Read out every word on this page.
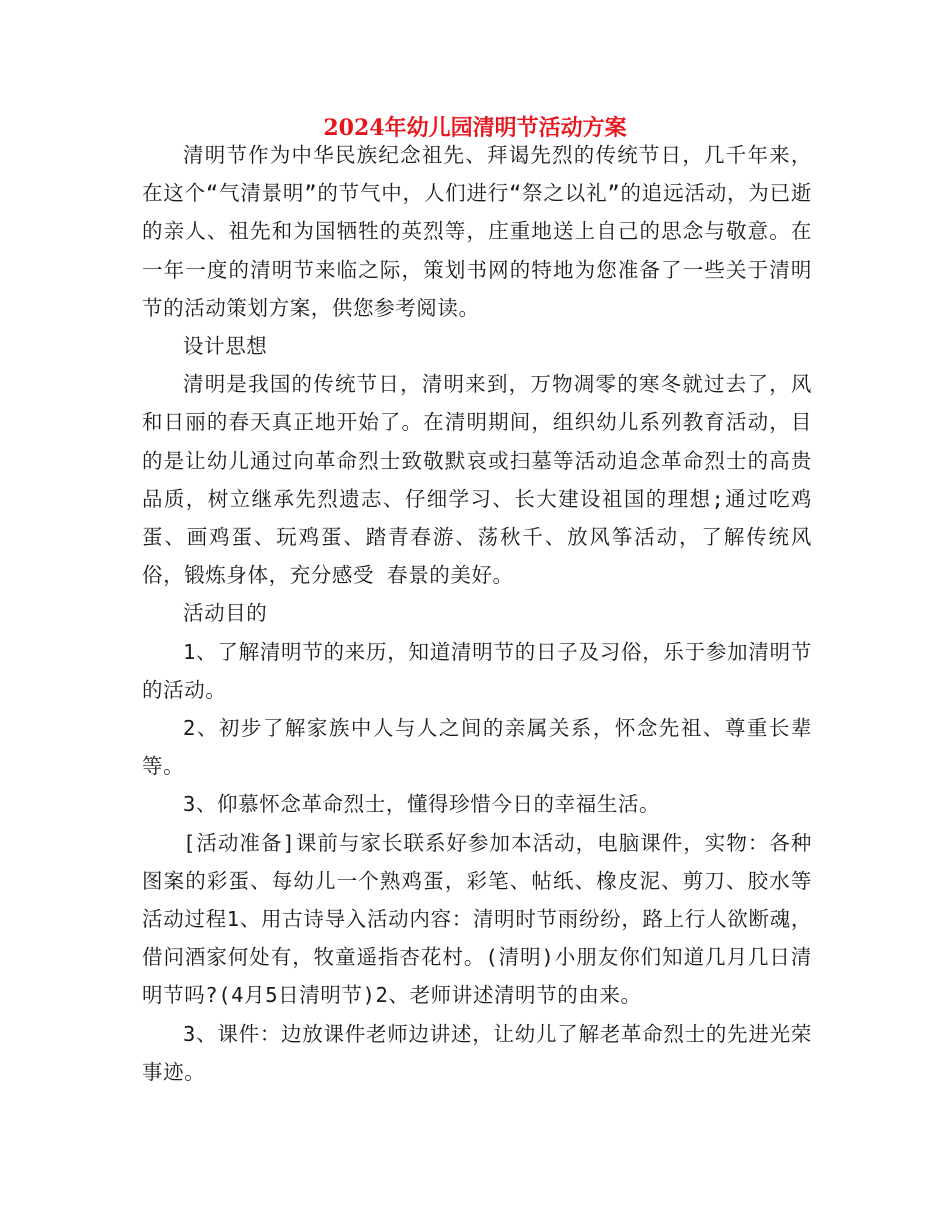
2024年幼儿园清明节活动方案

清明节作为中华民族纪念祖先、拜谒先烈的传统节日，几千年来，在这个“气清景明”的节气中，人们进行“祭之以礼”的追远活动，为已逝的亲人、祖先和为国牺牲的英烈等，庄重地送上自己的思念与敬意。在一年一度的清明节来临之际，策划书网的特地为您准备了一些关于清明节的活动策划方案，供您参考阅读。

设计思想

清明是我国的传统节日，清明来到，万物凋零的寒冬就过去了，风和日丽的春天真正地开始了。在清明期间，组织幼儿系列教育活动，目的是让幼儿通过向革命烈士致敬默哀或扫墓等活动追念革命烈士的高贵品质，树立继承先烈遗志、仔细学习、长大建设祖国的理想;通过吃鸡蛋、画鸡蛋、玩鸡蛋、踏青春游、荡秋千、放风筝活动，了解传统风俗，锻炼身体，充分感受 春景的美好。

活动目的

1、了解清明节的来历，知道清明节的日子及习俗，乐于参加清明节的活动。

2、初步了解家族中人与人之间的亲属关系，怀念先祖、尊重长辈等。

3、仰慕怀念革命烈士，懂得珍惜今日的幸福生活。

[活动准备]课前与家长联系好参加本活动，电脑课件，实物：各种图案的彩蛋、每幼儿一个熟鸡蛋，彩笔、帖纸、橡皮泥、剪刀、胶水等活动过程1、用古诗导入活动内容：清明时节雨纷纷，路上行人欲断魂，借问酒家何处有，牧童遥指杏花村。(清明)小朋友你们知道几月几日清明节吗?(4月5日清明节)2、老师讲述清明节的由来。

3、课件：边放课件老师边讲述，让幼儿了解老革命烈士的先进光荣事迹。
